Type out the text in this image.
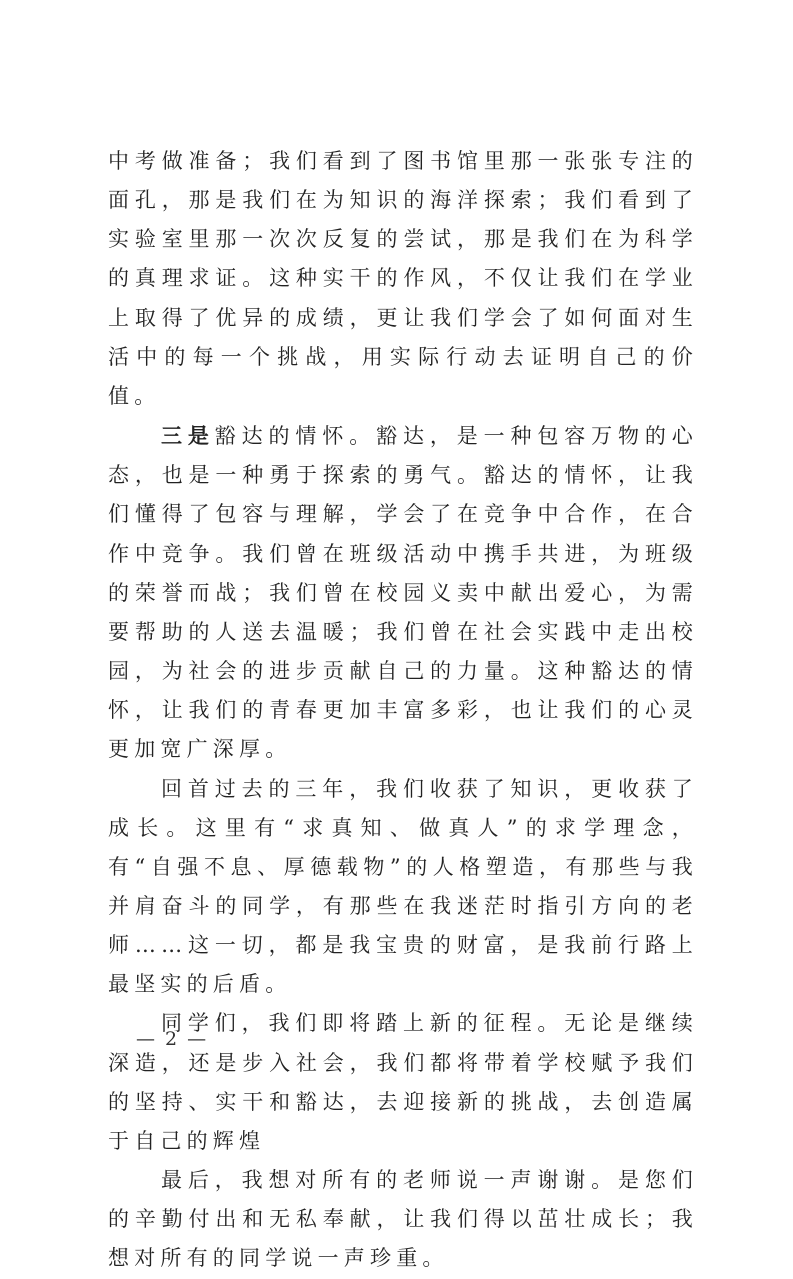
中考做准备；我们看到了图书馆里那一张张专注的面孔，那是我们在为知识的海洋探索；我们看到了实验室里那一次次反复的尝试，那是我们在为科学的真理求证。这种实干的作风，不仅让我们在学业上取得了优异的成绩，更让我们学会了如何面对生活中的每一个挑战，用实际行动去证明自己的价值。

三是豁达的情怀。豁达，是一种包容万物的心态，也是一种勇于探索的勇气。豁达的情怀，让我们懂得了包容与理解，学会了在竞争中合作，在合作中竞争。我们曾在班级活动中携手共进，为班级的荣誉而战；我们曾在校园义卖中献出爱心，为需要帮助的人送去温暖；我们曾在社会实践中走出校园，为社会的进步贡献自己的力量。这种豁达的情怀，让我们的青春更加丰富多彩，也让我们的心灵更加宽广深厚。

回首过去的三年，我们收获了知识，更收获了成长。这里有“求真知、做真人”的求学理念，有“自强不息、厚德载物”的人格塑造，有那些与我并肩奋斗的同学，有那些在我迷茫时指引方向的老师……这一切，都是我宝贵的财富，是我前行路上最坚实的后盾。

同学们，我们即将踏上新的征程。无论是继续深造，还是步入社会，我们都将带着学校赋予我们的坚持、实干和豁达，去迎接新的挑战，去创造属于自己的辉煌

最后，我想对所有的老师说一声谢谢。是您们的辛勤付出和无私奉献，让我们得以茁壮成长；我想对所有的同学说一声珍重。

— 2 —
